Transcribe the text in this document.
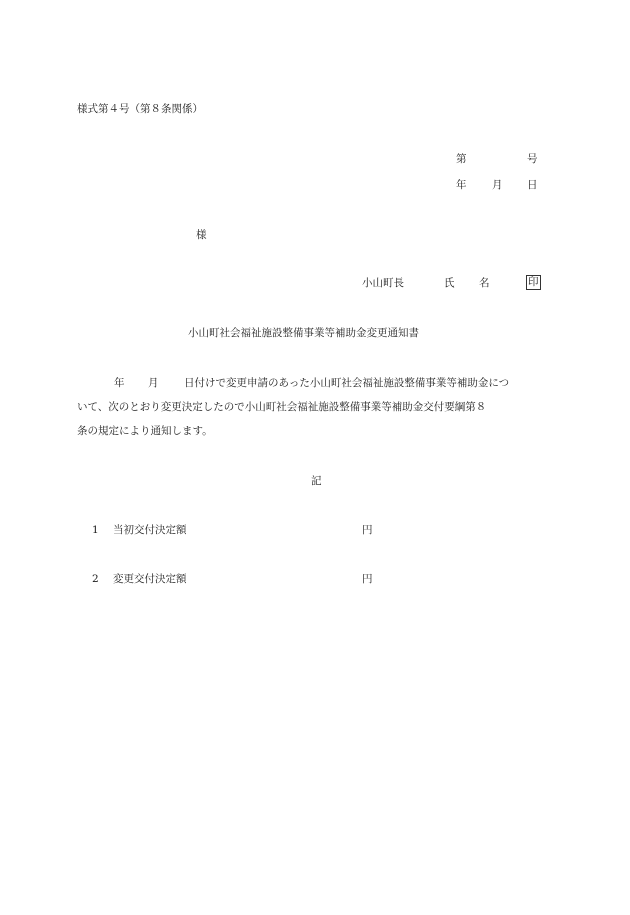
様式第４号（第８条関係）
第	号
年 月 日
様
小山町長	氏 名	印
小山町社会福祉施設整備事業等補助金変更通知書
年 月 日付けで変更申請のあった小山町社会福祉施設整備事業等補助金につ
いて、次のとおり変更決定したので小山町社会福祉施設整備事業等補助金交付要綱第８
条の規定により通知します。
記
1 当初交付決定額	円
2 変更交付決定額	円
